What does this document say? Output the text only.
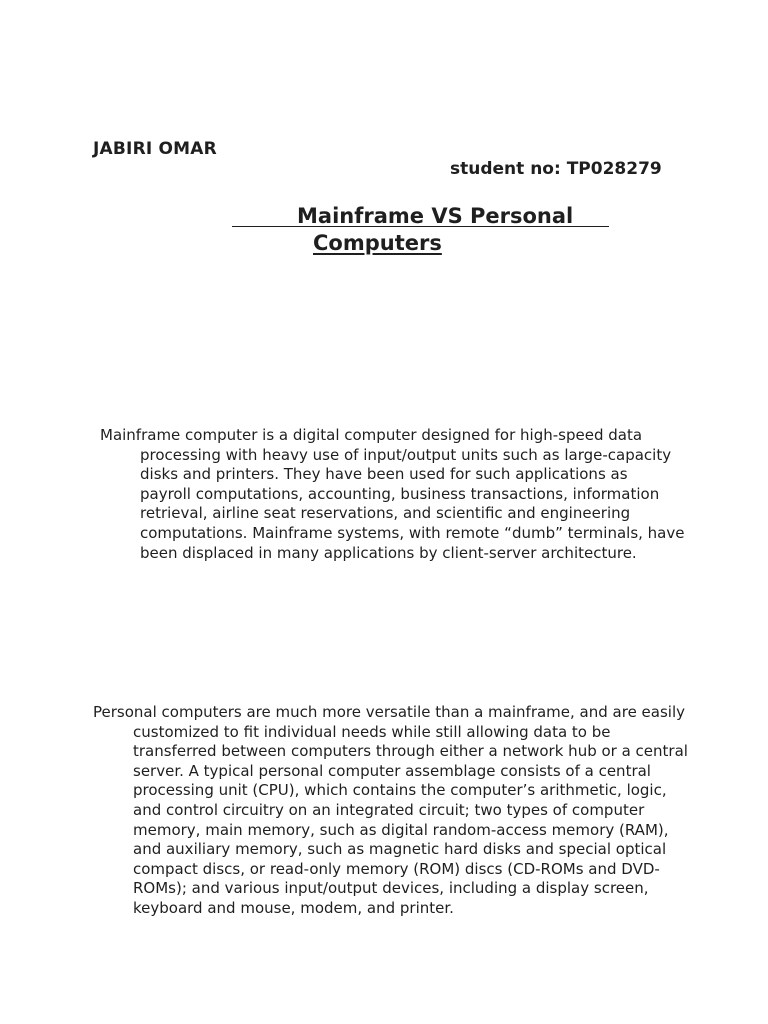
JABIRI OMAR

student no: TP028279

Mainframe VS Personal
Computers

Mainframe computer is a digital computer designed for high-speed data processing with heavy use of input/output units such as large-capacity disks and printers. They have been used for such applications as    payroll computations, accounting, business transactions, information retrieval, airline seat reservations, and scientific and engineering computations. Mainframe systems, with remote “dumb” terminals, have been displaced in many applications by client-server architecture.

Personal computers are much more versatile than a mainframe, and are easily customized to fit individual needs while still allowing data to be transferred between computers through either a network hub or a central server. A typical personal computer assemblage consists of a central processing unit (CPU), which contains the computer’s arithmetic, logic, and control circuitry on an integrated circuit; two types of computer memory, main memory, such as digital random-access memory (RAM), and auxiliary memory, such as magnetic hard disks and special optical compact discs, or read-only memory (ROM) discs (CD-ROMs and DVD-ROMs); and various input/output devices, including a display screen, keyboard and mouse, modem, and printer.
